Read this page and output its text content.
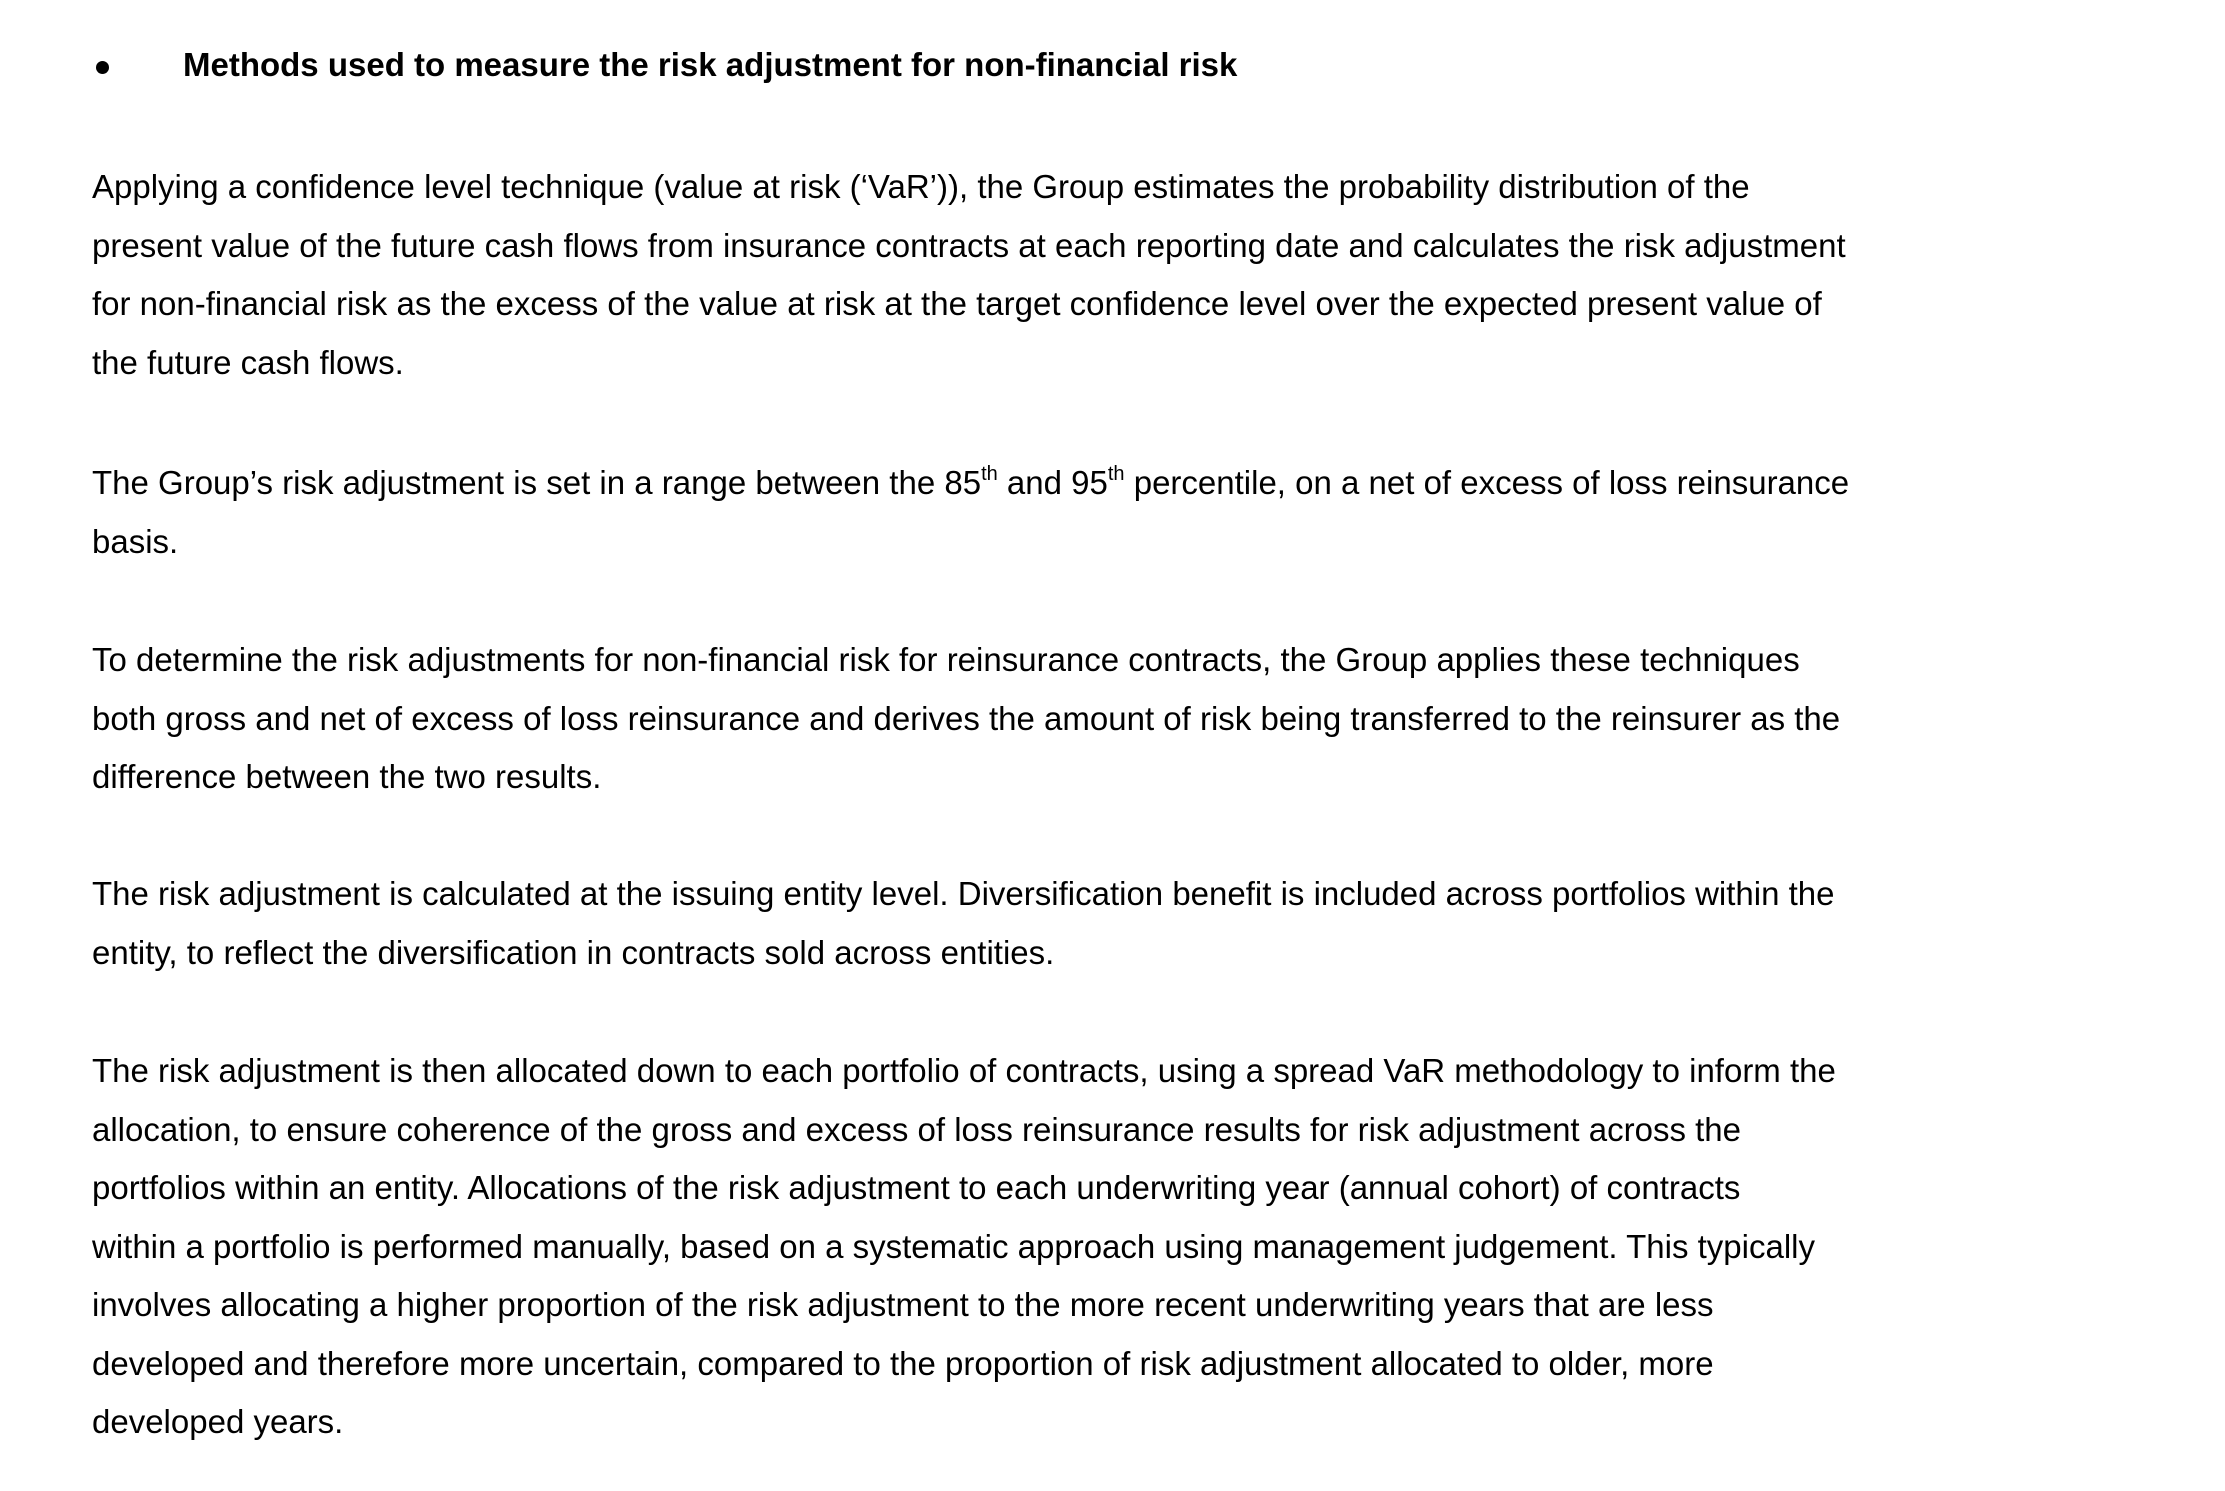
Methods used to measure the risk adjustment for non-financial risk
Applying a confidence level technique (value at risk (‘VaR’)), the Group estimates the probability distribution of the
present value of the future cash flows from insurance contracts at each reporting date and calculates the risk adjustment
for non-financial risk as the excess of the value at risk at the target confidence level over the expected present value of
the future cash flows.
The Group’s risk adjustment is set in a range between the 85th and 95th percentile, on a net of excess of loss reinsurance
basis.
To determine the risk adjustments for non-financial risk for reinsurance contracts, the Group applies these techniques
both gross and net of excess of loss reinsurance and derives the amount of risk being transferred to the reinsurer as the
difference between the two results.
The risk adjustment is calculated at the issuing entity level. Diversification benefit is included across portfolios within the
entity, to reflect the diversification in contracts sold across entities.
The risk adjustment is then allocated down to each portfolio of contracts, using a spread VaR methodology to inform the
allocation, to ensure coherence of the gross and excess of loss reinsurance results for risk adjustment across the
portfolios within an entity. Allocations of the risk adjustment to each underwriting year (annual cohort) of contracts
within a portfolio is performed manually, based on a systematic approach using management judgement. This typically
involves allocating a higher proportion of the risk adjustment to the more recent underwriting years that are less
developed and therefore more uncertain, compared to the proportion of risk adjustment allocated to older, more
developed years.
